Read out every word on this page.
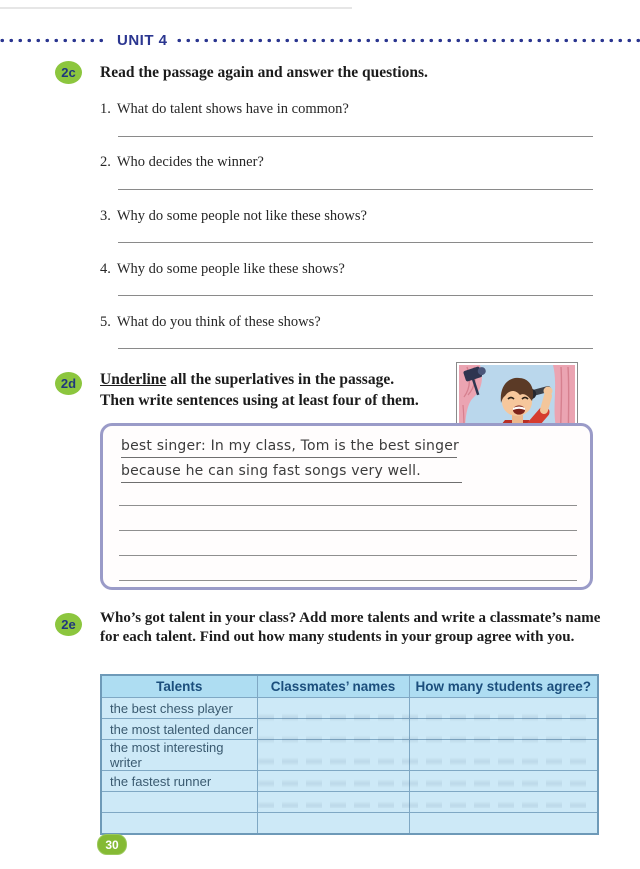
UNIT 4
2c	Read the passage again and answer the questions.
1. What do talent shows have in common?
2. Who decides the winner?
3. Why do some people not like these shows?
4. Why do some people like these shows?
5. What do you think of these shows?
2d	Underline all the superlatives in the passage.
Then write sentences using at least four of them.
best singer: In my class, Tom is the best singer
because he can sing fast songs very well.
2e	Who’s got talent in your class? Add more talents and write a classmate’s name for each talent. Find out how many students in your group agree with you.
Talents	Classmates’ names	How many students agree?
the best chess player		
the most talented dancer		
the most interesting writer		
the fastest runner		

30
